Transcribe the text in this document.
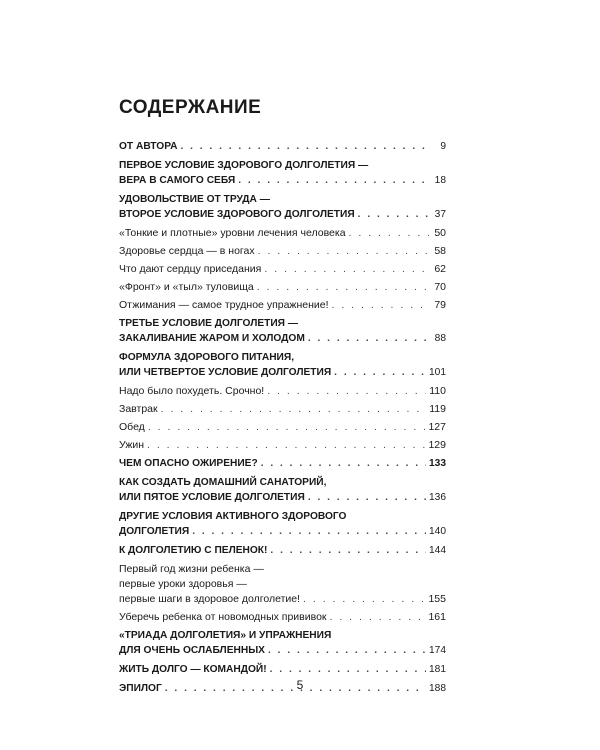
СОДЕРЖАНИЕ
ОТ АВТОРА . . .	9
ПЕРВОЕ УСЛОВИЕ ЗДОРОВОГО ДОЛГОЛЕТИЯ —
ВЕРА В САМОГО СЕБЯ . . .	18
УДОВОЛЬСТВИЕ ОТ ТРУДА —
ВТОРОЕ УСЛОВИЕ ЗДОРОВОГО ДОЛГОЛЕТИЯ . . .	37
«Тонкие и плотные» уровни лечения человека . . .	50
Здоровье сердца — в ногах . . .	58
Что дают сердцу приседания . . .	62
«Фронт» и «тыл» туловища . . .	70
Отжимания — самое трудное упражнение! . . .	79
ТРЕТЬЕ УСЛОВИЕ ДОЛГОЛЕТИЯ —
ЗАКАЛИВАНИЕ ЖАРОМ И ХОЛОДОМ . . .	88
ФОРМУЛА ЗДОРОВОГО ПИТАНИЯ,
ИЛИ ЧЕТВЕРТОЕ УСЛОВИЕ ДОЛГОЛЕТИЯ . . .	101
Надо было похудеть. Срочно! . . .	110
Завтрак . . .	119
Обед . . .	127
Ужин . . .	129
ЧЕМ ОПАСНО ОЖИРЕНИЕ? . . .	133
КАК СОЗДАТЬ ДОМАШНИЙ САНАТОРИЙ,
ИЛИ ПЯТОЕ УСЛОВИЕ ДОЛГОЛЕТИЯ . . .	136
ДРУГИЕ УСЛОВИЯ АКТИВНОГО ЗДОРОВОГО
ДОЛГОЛЕТИЯ . . .	140
К ДОЛГОЛЕТИЮ С ПЕЛЕНОК! . . .	144
Первый год жизни ребенка —
первые уроки здоровья —
первые шаги в здоровое долголетие! . . .	155
Уберечь ребенка от новомодных прививок . . .	161
«ТРИАДА ДОЛГОЛЕТИЯ» И УПРАЖНЕНИЯ
ДЛЯ ОЧЕНЬ ОСЛАБЛЕННЫХ . . .	174
ЖИТЬ ДОЛГО — КОМАНДОЙ! . . .	181
ЭПИЛОГ . . .	188
5
